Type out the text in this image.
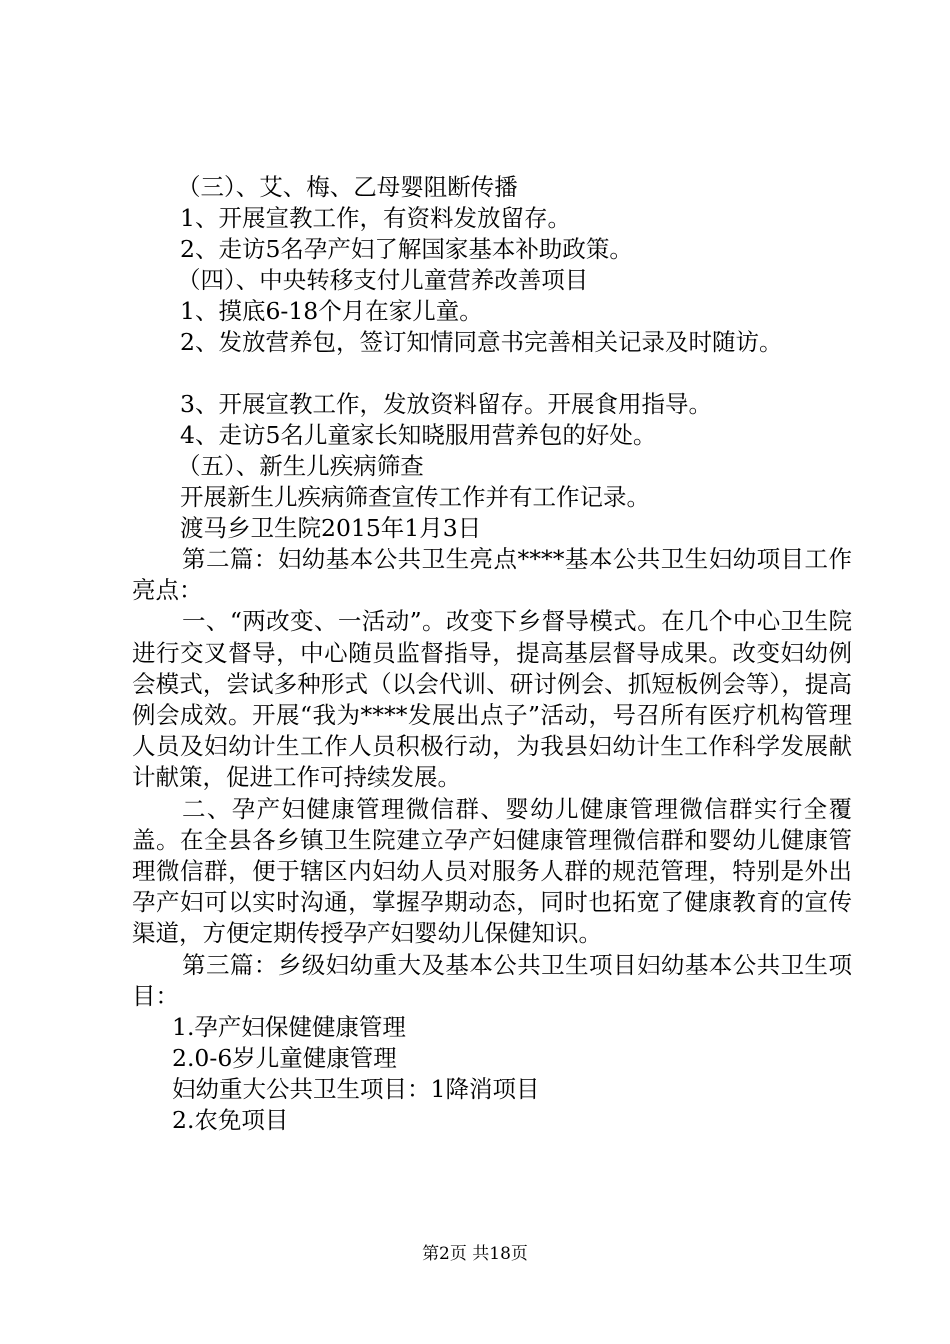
（三）、艾、梅、乙母婴阻断传播

1、开展宣教工作，有资料发放留存。

2、走访5名孕产妇了解国家基本补助政策。

（四）、中央转移支付儿童营养改善项目

1、摸底6-18个月在家儿童。

2、发放营养包，签订知情同意书完善相关记录及时随访。

3、开展宣教工作，发放资料留存。开展食用指导。

4、走访5名儿童家长知晓服用营养包的好处。

（五）、新生儿疾病筛查

开展新生儿疾病筛查宣传工作并有工作记录。

渡马乡卫生院2015年1月3日

第二篇：妇幼基本公共卫生亮点****基本公共卫生妇幼项目工作亮点：

一、“两改变、一活动”。改变下乡督导模式。在几个中心卫生院进行交叉督导，中心随员监督指导，提高基层督导成果。改变妇幼例会模式，尝试多种形式（以会代训、研讨例会、抓短板例会等），提高例会成效。开展“我为****发展出点子”活动，号召所有医疗机构管理人员及妇幼计生工作人员积极行动，为我县妇幼计生工作科学发展献计献策，促进工作可持续发展。

二、孕产妇健康管理微信群、婴幼儿健康管理微信群实行全覆盖。在全县各乡镇卫生院建立孕产妇健康管理微信群和婴幼儿健康管理微信群，便于辖区内妇幼人员对服务人群的规范管理，特别是外出孕产妇可以实时沟通，掌握孕期动态，同时也拓宽了健康教育的宣传渠道，方便定期传授孕产妇婴幼儿保健知识。

第三篇：乡级妇幼重大及基本公共卫生项目妇幼基本公共卫生项目：

1.孕产妇保健健康管理

2.0-6岁儿童健康管理

妇幼重大公共卫生项目：1降消项目

2.农免项目

第2页 共18页
